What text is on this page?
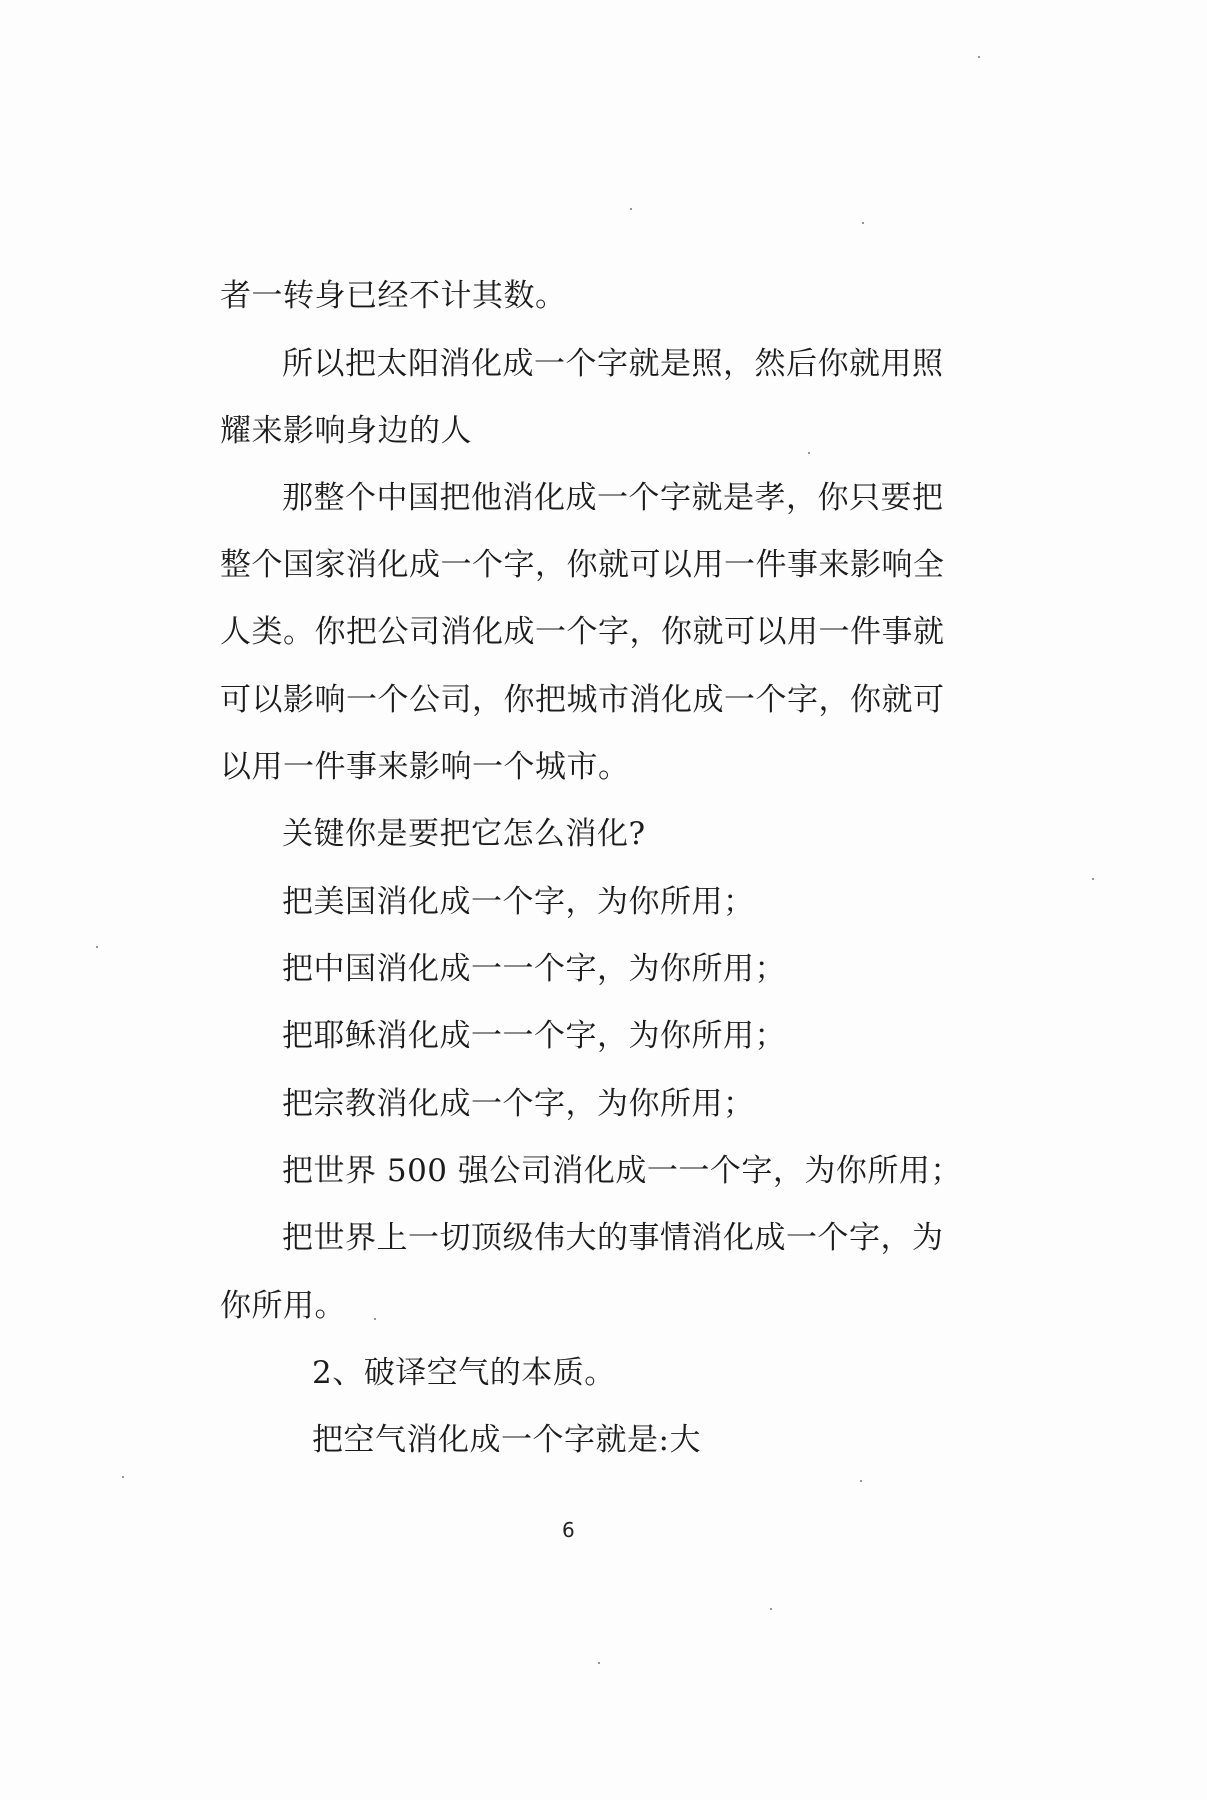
者一转身已经不计其数。
所以把太阳消化成一个字就是照，然后你就用照
耀来影响身边的人
那整个中国把他消化成一个字就是孝，你只要把
整个国家消化成一个字，你就可以用一件事来影响全
人类。你把公司消化成一个字，你就可以用一件事就
可以影响一个公司，你把城市消化成一个字，你就可
以用一件事来影响一个城市。
关键你是要把它怎么消化?
把美国消化成一个字，为你所用；
把中国消化成一一个字，为你所用；
把耶稣消化成一一个字，为你所用；
把宗教消化成一个字，为你所用；
把世界 500 强公司消化成一一个字，为你所用；
把世界上一切顶级伟大的事情消化成一个字，为
你所用。
2、破译空气的本质。
把空气消化成一个字就是:大
6
